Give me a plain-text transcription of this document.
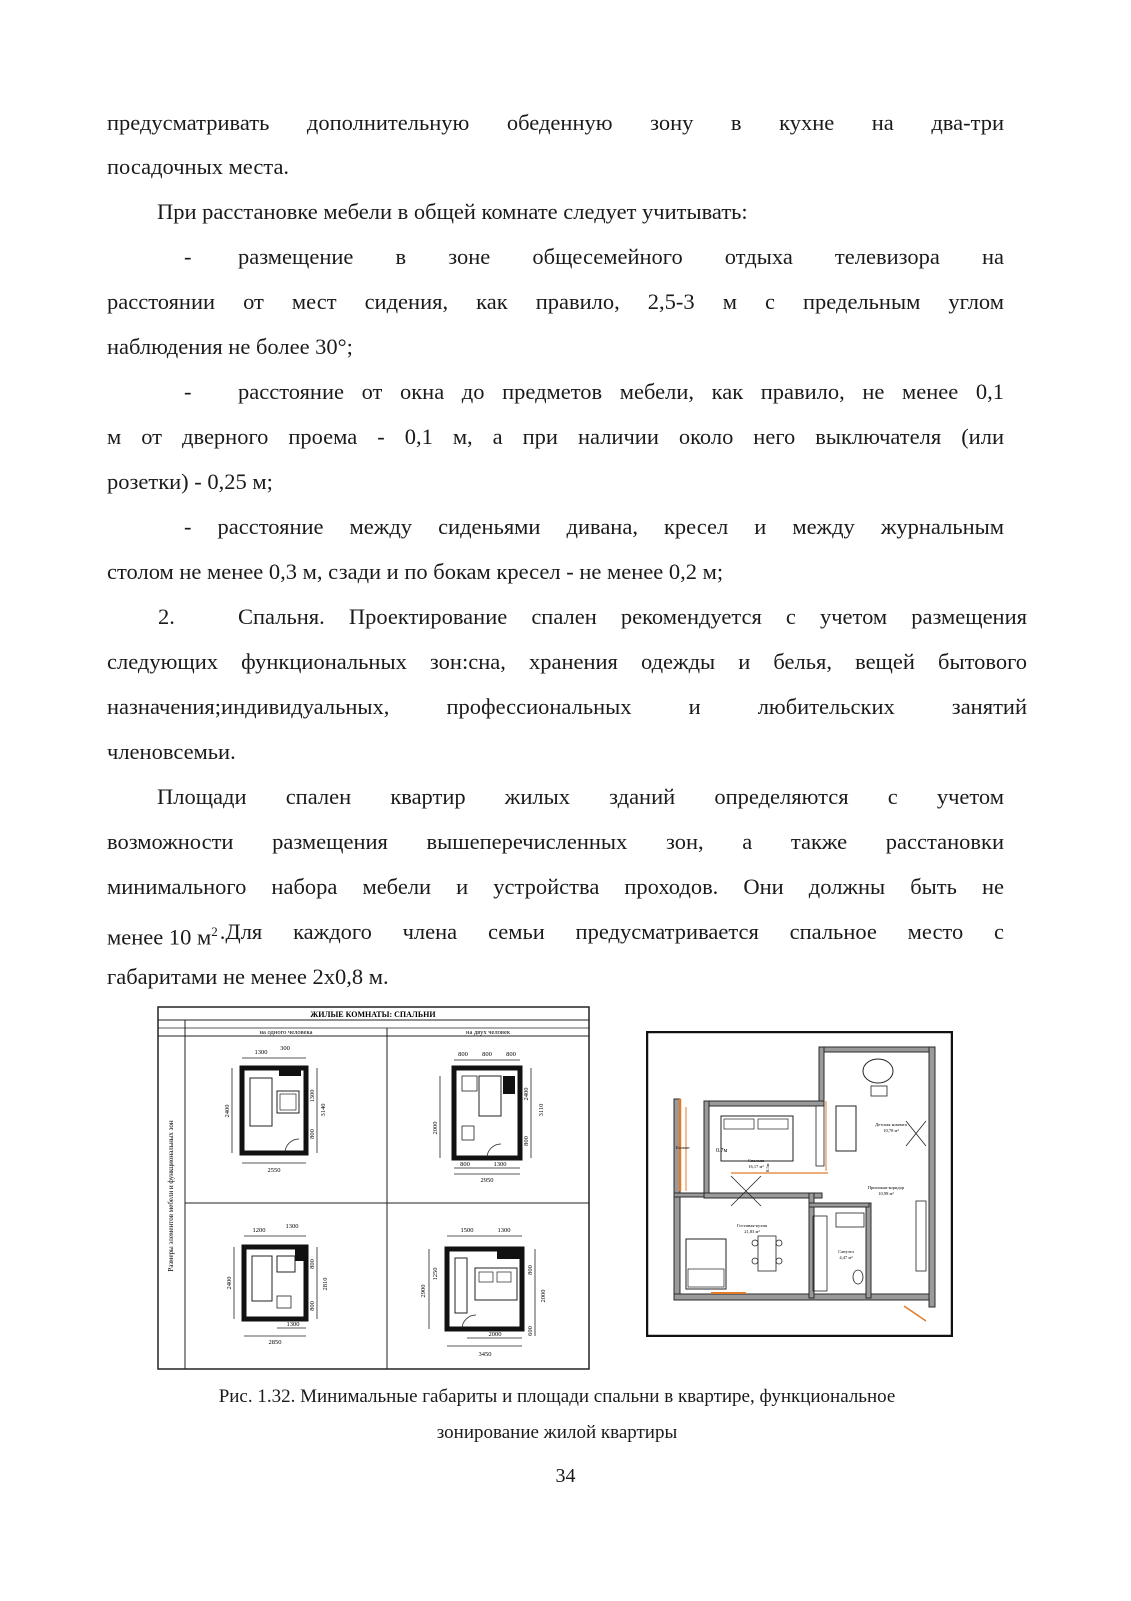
предусматривать дополнительную обеденную зону в кухне на два-три
посадочных места.
При расстановке мебели в общей комнате следует учитывать:
-	размещение в зоне общесемейного отдыха телевизора на
расстоянии от мест сидения, как правило, 2,5-3 м с предельным углом
наблюдения не более 30°;
-	расстояние от окна до предметов мебели, как правило, не менее 0,1
м от дверного проема - 0,1 м, а при наличии около него выключателя (или
розетки) - 0,25 м;
- расстояние между сиденьями дивана, кресел и между журнальным
столом не менее 0,3 м, сзади и по бокам кресел - не менее 0,2 м;
2.	Спальня. Проектирование спален рекомендуется с учетом размещения
следующих функциональных зон:сна, хранения одежды и белья, вещей бытового
назначения;индивидуальных, профессиональных и любительских занятий
членовсемьи.
Площади спален квартир жилых зданий определяются с учетом
возможности размещения вышеперечисленных зон, а также расстановки
минимального набора мебели и устройства проходов. Они должны быть не
менее 10 $м^2$ .Для каждого члена семьи предусматривается спальное место с
габаритами не менее 2х0,8 м.
ЖИЛЫЕ КОМНАТЫ: СПАЛЬНИ
на одного человека	на двух человек
Размеры элементов мебели и функциональных зон
1300
300
2400
1300
3140
800
2550
800 800 800
2000
2400
800
3110
800	1300
2950
1200
1300
2400
800
2810
800
1300
2850
1500	1300
2900
1250	800
2000
600
2000
3450
Балкон
Спальня
16,17 м²
Гостиная-кухня
21,83 м²
Прихожая-коридор
10,98 м²
Санузел
4,47 м²
Детская комната
10,78 м²
0.7м
0.5м
Рис. 1.32. Минимальные габариты и площади спальни в квартире, функциональное
зонирование жилой квартиры
34
